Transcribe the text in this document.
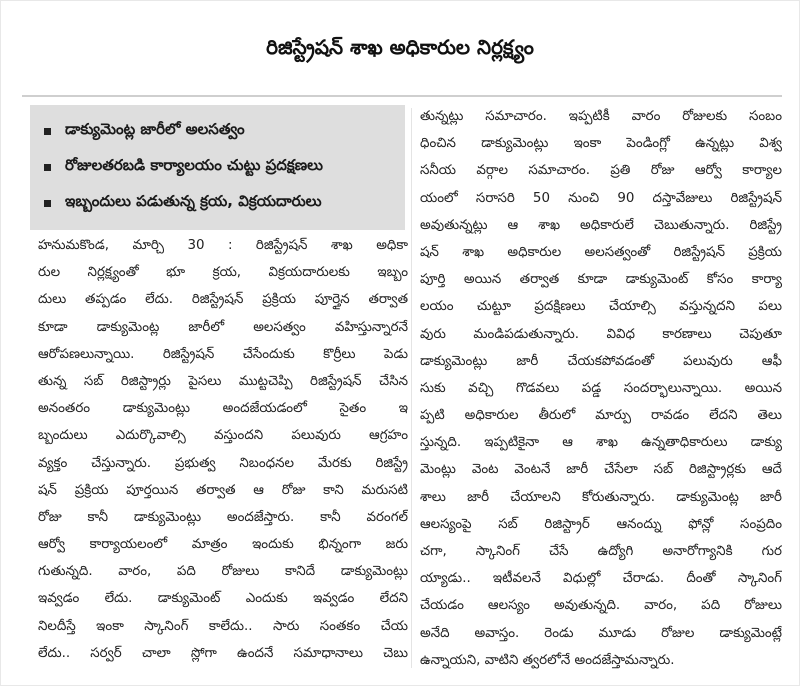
రిజిస్ట్రేషన్ శాఖ అధికారుల నిర్లక్ష్యం
డాక్యుమెంట్ల జారీలో అలసత్వం
రోజులతరబడి కార్యాలయం చుట్టు ప్రదక్షణలు
ఇబ్బందులు పడుతున్న క్రయ, విక్రయదారులు
హనుమకొండ, మార్చి 30 : రిజిస్ట్రేషన్ శాఖ అధికా
రుల నిర్లక్ష్యంతో భూ క్రయ, విక్రయదారులకు ఇబ్బం
దులు తప్పడం లేదు. రిజిస్ట్రేషన్ ప్రక్రియ పూర్తైన తర్వాత
కూడా డాక్యుమెంట్ల జారీలో అలసత్వం వహిస్తున్నారనే
ఆరోపణలున్నాయి. రిజిస్ట్రేషన్ చేసేందుకు కొర్రీలు పెడు
తున్న సబ్ రిజిస్ట్రార్లు పైసలు ముట్టచెప్పి రిజిస్ట్రేషన్ చేసిన
అనంతరం డాక్యుమెంట్లు అందజేయడంలో సైతం ఇ
బ్బందులు ఎదుర్కొవాల్సి వస్తుందని పలువురు ఆగ్రహం
వ్యక్తం చేస్తున్నారు. ప్రభుత్వ నిబంధనల మేరకు రిజిస్ట్రే
షన్ ప్రక్రియ పూర్తయిన తర్వాత ఆ రోజు కాని మరుసటి
రోజు కానీ డాక్యుమెంట్లు అందజేస్తారు. కానీ వరంగల్
ఆర్వో కార్యాయలంలో మాత్రం ఇందుకు భిన్నంగా జరు
గుతున్నది. వారం, పది రోజులు కానిదే డాక్యుమెంట్లు
ఇవ్వడం లేదు. డాక్యుమెంట్ ఎందుకు ఇవ్వడం లేదని
నిలదీస్తే ఇంకా స్కానింగ్ కాలేదు.. సారు సంతకం చేయ
లేదు.. సర్వర్ చాలా స్లోగా ఉందనే సమాధానాలు చెబు
తున్నట్లు సమాచారం. ఇప్పటికీ వారం రోజులకు సంబం
ధించిన డాక్యుమెంట్లు ఇంకా పెండింగ్లో ఉన్నట్లు విశ్వ
సనీయ వర్గాల సమాచారం. ప్రతి రోజు ఆర్వో కార్యాల
యంలో సరాసరి 50 నుంచి 90 దస్తావేజులు రిజిస్ట్రేషన్
అవుతున్నట్లు ఆ శాఖ అధికారులే చెబుతున్నారు. రిజిస్ట్రే
షన్ శాఖ అధికారుల అలసత్వంతో రిజిస్ట్రేషన్ ప్రక్రియ
పూర్తి అయిన తర్వాత కూడా డాక్యుమెంట్ కోసం కార్యా
లయం చుట్టూ ప్రదక్షిణలు చేయాల్సి వస్తున్నదని పలు
వురు మండిపడుతున్నారు. వివిధ కారణాలు చెపుతూ
డాక్యుమెంట్లు జారీ చేయకపోవడంతో పలువురు ఆఫీ
సుకు వచ్చి గొడవలు పడ్డ సందర్భాలున్నాయి. అయిన
ప్పటి అధికారుల తీరులో మార్పు రావడం లేదని తెలు
స్తున్నది. ఇప్పటికైనా ఆ శాఖ ఉన్నతాధికారులు డాక్యు
మెంట్లు వెంట వెంటనే జారీ చేసేలా సబ్ రిజిస్ట్రార్లకు ఆదే
శాలు జారీ చేయాలని కోరుతున్నారు. డాక్యుమెంట్ల జారీ
ఆలస్యంపై సబ్ రిజిస్ట్రార్ ఆనంద్ను ఫోన్లో సంప్రదిం
చగా, స్కానింగ్ చేసే ఉద్యోగి అనారోగ్యానికి గుర
య్యాడు.. ఇటీవలనే విధుల్లో చేరాడు. దీంతో స్కానింగ్
చేయడం ఆలస్యం అవుతున్నది. వారం, పది రోజులు
అనేది అవాస్తం. రెండు మూడు రోజుల డాక్యుమెంట్లే
ఉన్నాయని, వాటిని త్వరలోనే అందజేస్తామన్నారు.
